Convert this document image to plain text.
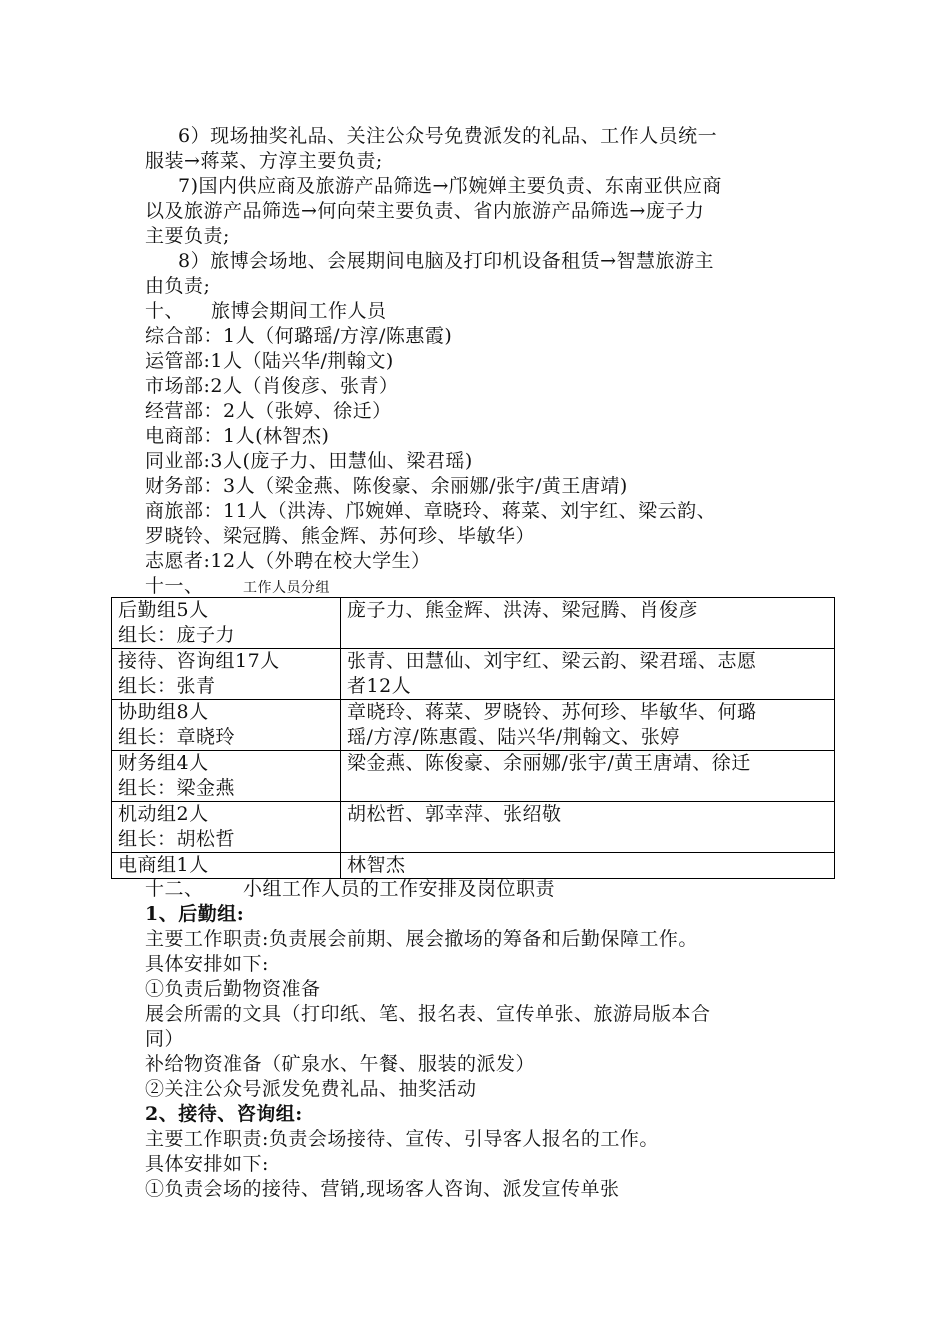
6）现场抽奖礼品、关注公众号免费派发的礼品、工作人员统一
服装→蒋菜、方淳主要负责;
7)国内供应商及旅游产品筛选→邝婉婵主要负责、东南亚供应商
以及旅游产品筛选→何向荣主要负责、省内旅游产品筛选→庞子力
主要负责;
8）旅博会场地、会展期间电脑及打印机设备租赁→智慧旅游主
由负责;
十、 旅博会期间工作人员
综合部：1人（何璐瑶/方淳/陈惠霞)
运管部:1人（陆兴华/荆翰文)
市场部:2人（肖俊彦、张青）
经营部：2人（张婷、徐迁）
电商部：1人(林智杰)
同业部:3人(庞子力、田慧仙、梁君瑶)
财务部：3人（梁金燕、陈俊豪、余丽娜/张宇/黄王唐靖)
商旅部：11人（洪涛、邝婉婵、章晓玲、蒋菜、刘宇红、梁云韵、
罗晓铃、梁冠腾、熊金辉、苏何珍、毕敏华）
志愿者:12人（外聘在校大学生）
十一、	工作人员分组
后勤组5人
组长：庞子力	庞子力、熊金辉、洪涛、梁冠腾、肖俊彦

接待、咨询组17人
组长：张青	张青、田慧仙、刘宇红、梁云韵、梁君瑶、志愿
者12人

协助组8人
组长：章晓玲	章晓玲、蒋菜、罗晓铃、苏何珍、毕敏华、何璐
瑶/方淳/陈惠霞、陆兴华/荆翰文、张婷

财务组4人
组长：梁金燕	梁金燕、陈俊豪、余丽娜/张宇/黄王唐靖、徐迁

机动组2人
组长：胡松哲	胡松哲、郭幸萍、张绍敬

电商组1人	林智杰
十二、 小组工作人员的工作安排及岗位职责
1、后勤组:
主要工作职责:负责展会前期、展会撤场的筹备和后勤保障工作。
具体安排如下:
①负责后勤物资准备
展会所需的文具（打印纸、笔、报名表、宣传单张、旅游局版本合
同）
补给物资准备（矿泉水、午餐、服装的派发）
②关注公众号派发免费礼品、抽奖活动
2、接待、咨询组:
主要工作职责:负责会场接待、宣传、引导客人报名的工作。
具体安排如下:
①负责会场的接待、营销,现场客人咨询、派发宣传单张
